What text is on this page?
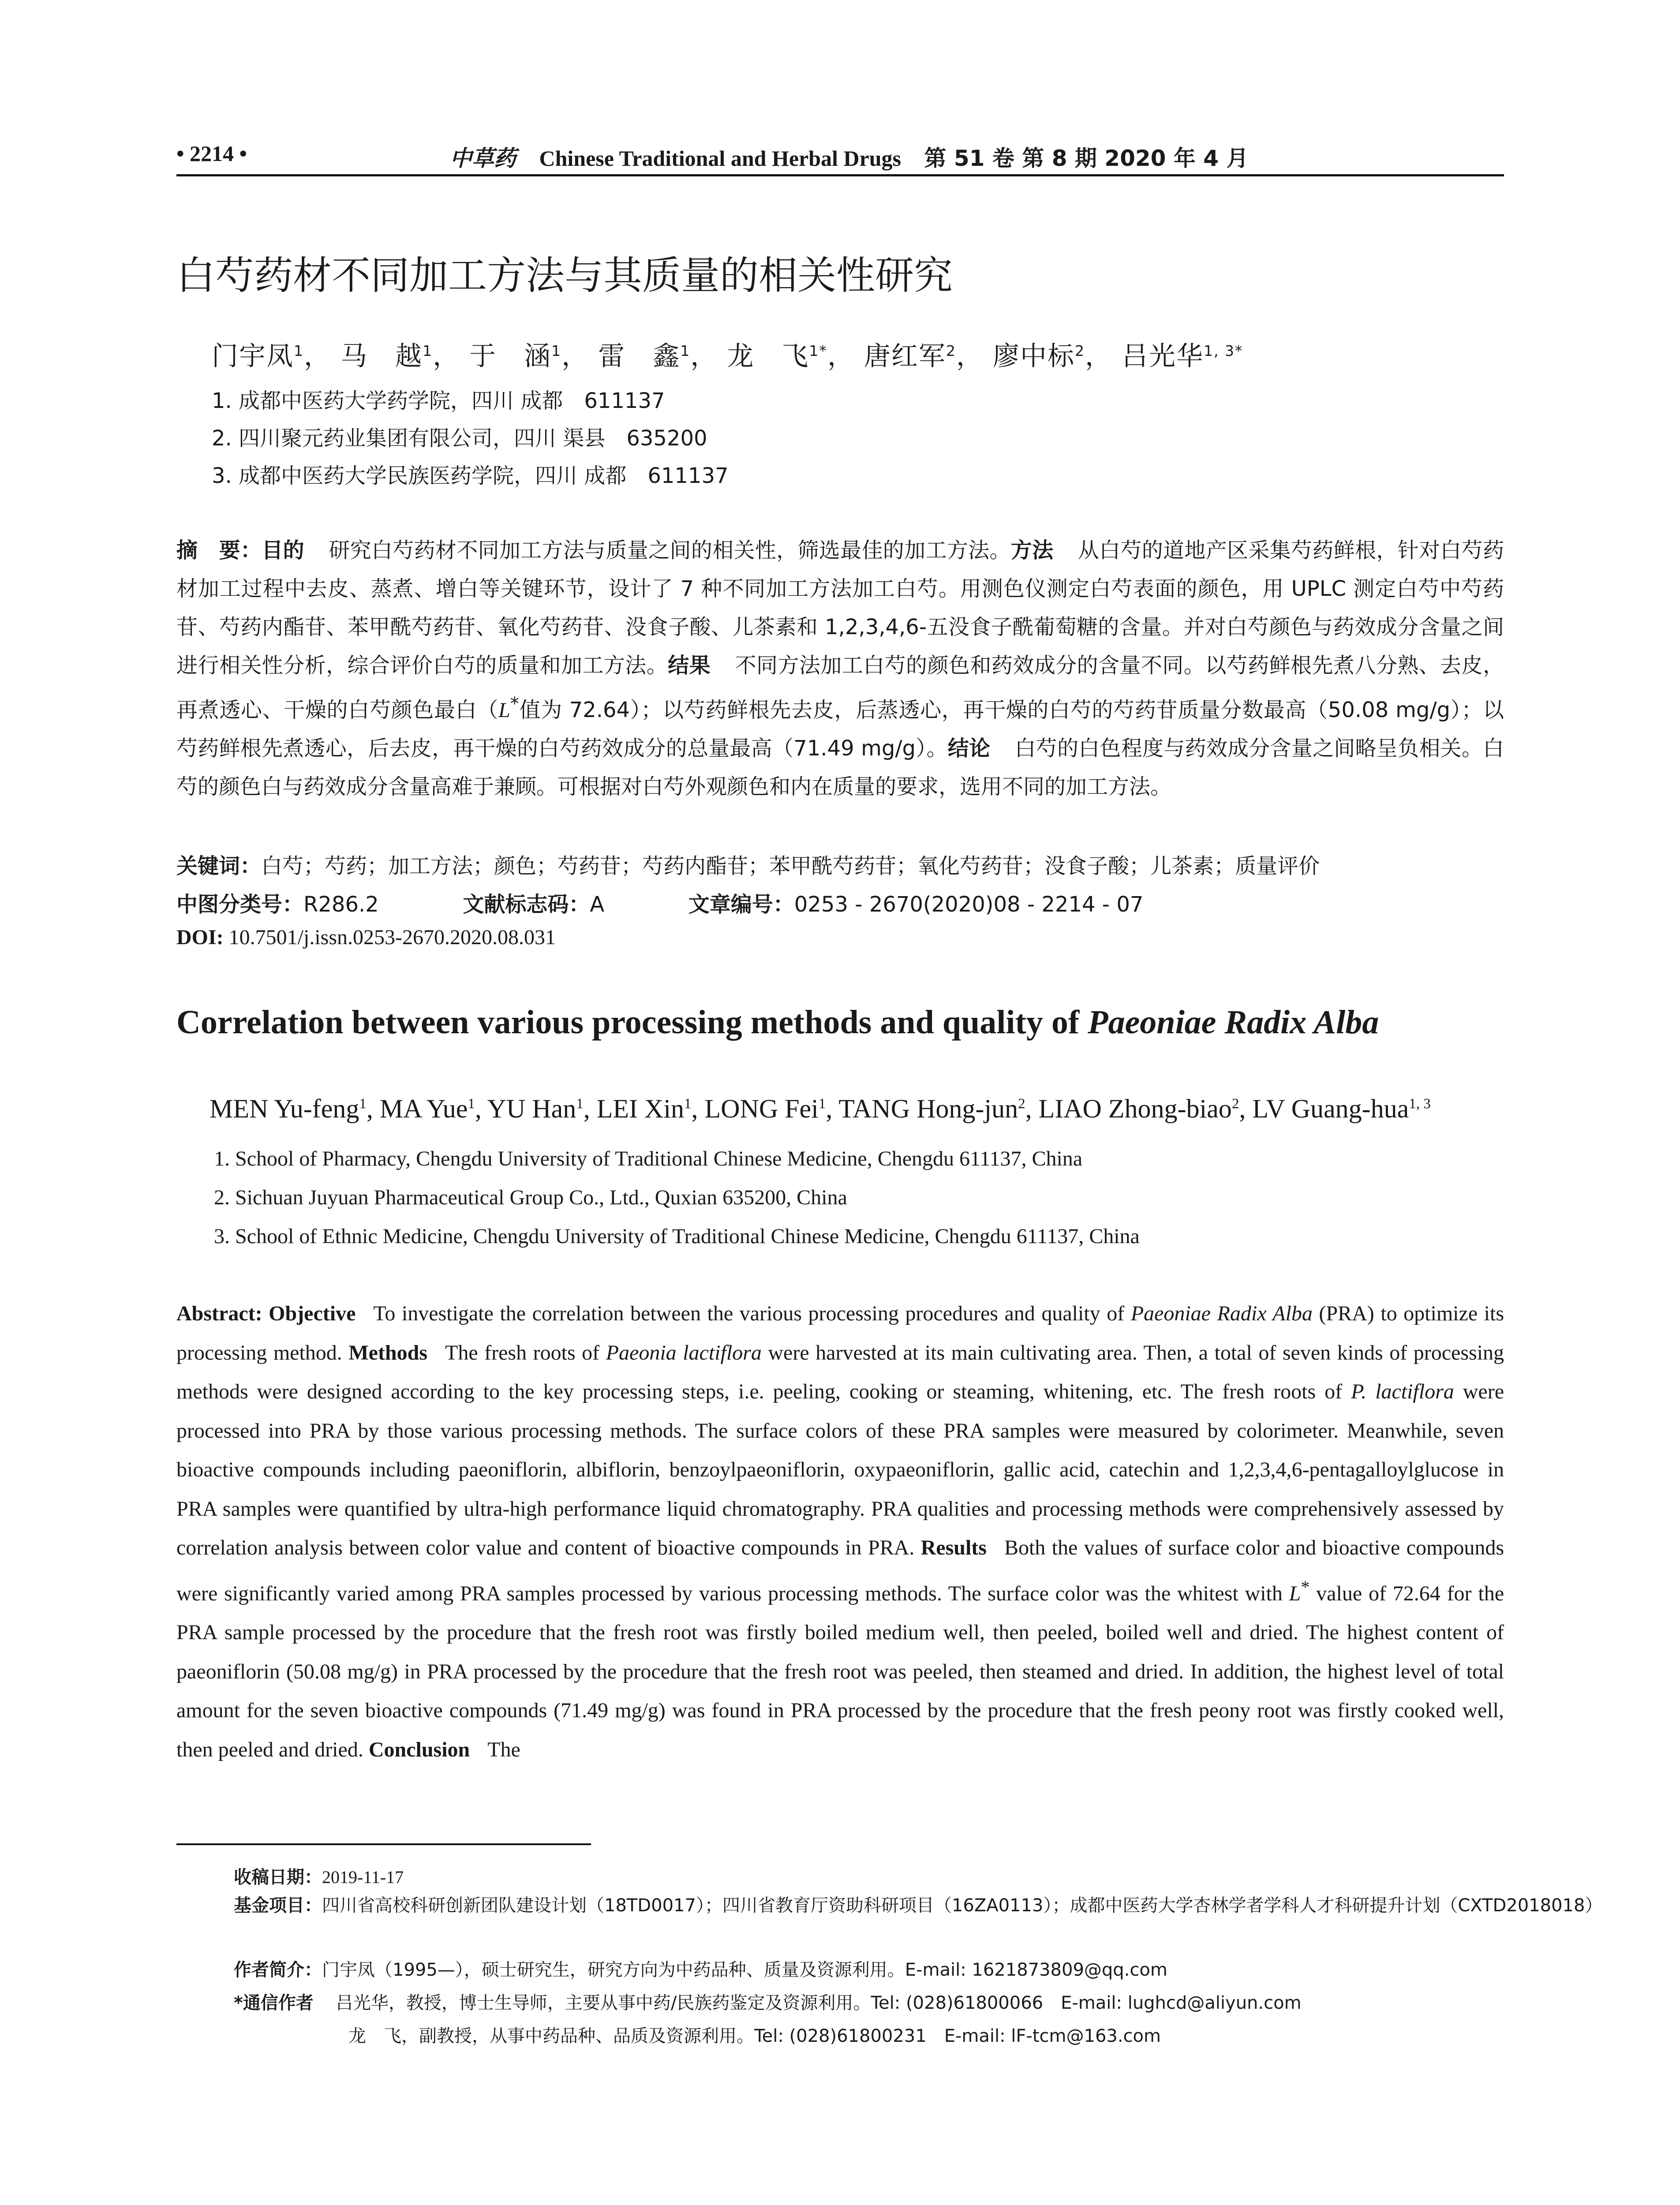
• 2214 •	中草药 Chinese Traditional and Herbal Drugs 第 51 卷 第 8 期 2020 年 4 月
白芍药材不同加工方法与其质量的相关性研究
门宇凤$^1$， 马　越$^1$， 于　涵$^1$， 雷　鑫$^1$， 龙　飞$^{1*}$， 唐红军$^2$， 廖中标$^2$， 吕光华$^{1, 3*}$
1. 成都中医药大学药学院，四川 成都　611137
2. 四川聚元药业集团有限公司，四川 渠县　635200
3. 成都中医药大学民族医药学院，四川 成都　611137
摘　要：目的 研究白芍药材不同加工方法与质量之间的相关性，筛选最佳的加工方法。方法 从白芍的道地产区采集芍药鲜根，针对白芍药材加工过程中去皮、蒸煮、增白等关键环节，设计了 7 种不同加工方法加工白芍。用测色仪测定白芍表面的颜色，用 UPLC 测定白芍中芍药苷、芍药内酯苷、苯甲酰芍药苷、氧化芍药苷、没食子酸、儿茶素和 1,2,3,4,6-五没食子酰葡萄糖的含量。并对白芍颜色与药效成分含量之间进行相关性分析，综合评价白芍的质量和加工方法。结果 不同方法加工白芍的颜色和药效成分的含量不同。以芍药鲜根先煮八分熟、去皮，再煮透心、干燥的白芍颜色最白（L*值为 72.64）；以芍药鲜根先去皮，后蒸透心，再干燥的白芍的芍药苷质量分数最高（50.08 mg/g）；以芍药鲜根先煮透心，后去皮，再干燥的白芍药效成分的总量最高（71.49 mg/g）。结论 白芍的白色程度与药效成分含量之间略呈负相关。白芍的颜色白与药效成分含量高难于兼顾。可根据对白芍外观颜色和内在质量的要求，选用不同的加工方法。
关键词：白芍；芍药；加工方法；颜色；芍药苷；芍药内酯苷；苯甲酰芍药苷；氧化芍药苷；没食子酸；儿茶素；质量评价
中图分类号：R286.2	文献标志码：A	文章编号：0253 - 2670(2020)08 - 2214 - 07
DOI: 10.7501/j.issn.0253-2670.2020.08.031
Correlation between various processing methods and quality of Paeoniae Radix Alba
MEN Yu-feng$^1$, MA Yue$^1$, YU Han$^1$, LEI Xin$^1$, LONG Fei$^1$, TANG Hong-jun$^2$, LIAO Zhong-biao$^2$, LV Guang-hua$^{1, 3}$
1. School of Pharmacy, Chengdu University of Traditional Chinese Medicine, Chengdu 611137, China
2. Sichuan Juyuan Pharmaceutical Group Co., Ltd., Quxian 635200, China
3. School of Ethnic Medicine, Chengdu University of Traditional Chinese Medicine, Chengdu 611137, China
Abstract: Objective To investigate the correlation between the various processing procedures and quality of Paeoniae Radix Alba (PRA) to optimize its processing method. Methods The fresh roots of Paeonia lactiflora were harvested at its main cultivating area. Then, a total of seven kinds of processing methods were designed according to the key processing steps, i.e. peeling, cooking or steaming, whitening, etc. The fresh roots of P. lactiflora were processed into PRA by those various processing methods. The surface colors of these PRA samples were measured by colorimeter. Meanwhile, seven bioactive compounds including paeoniflorin, albiflorin, benzoylpaeoniflorin, oxypaeoniflorin, gallic acid, catechin and 1,2,3,4,6-pentagalloylglucose in PRA samples were quantified by ultra-high performance liquid chromatography. PRA qualities and processing methods were comprehensively assessed by correlation analysis between color value and content of bioactive compounds in PRA. Results Both the values of surface color and bioactive compounds were significantly varied among PRA samples processed by various processing methods. The surface color was the whitest with L* value of 72.64 for the PRA sample processed by the procedure that the fresh root was firstly boiled medium well, then peeled, boiled well and dried. The highest content of paeoniflorin (50.08 mg/g) in PRA processed by the procedure that the fresh root was peeled, then steamed and dried. In addition, the highest level of total amount for the seven bioactive compounds (71.49 mg/g) was found in PRA processed by the procedure that the fresh peony root was firstly cooked well, then peeled and dried. Conclusion The
收稿日期：2019-11-17
基金项目：四川省高校科研创新团队建设计划（18TD0017）；四川省教育厅资助科研项目（16ZA0113）；成都中医药大学杏林学者学科人才科研提升计划（CXTD2018018）
作者简介：门宇凤（1995—），硕士研究生，研究方向为中药品种、质量及资源利用。E-mail: 1621873809@qq.com
*通信作者 吕光华，教授，博士生导师，主要从事中药/民族药鉴定及资源利用。Tel: (028)61800066　E-mail: lughcd@aliyun.com
龙　飞，副教授，从事中药品种、品质及资源利用。Tel: (028)61800231　E-mail: lF-tcm@163.com
